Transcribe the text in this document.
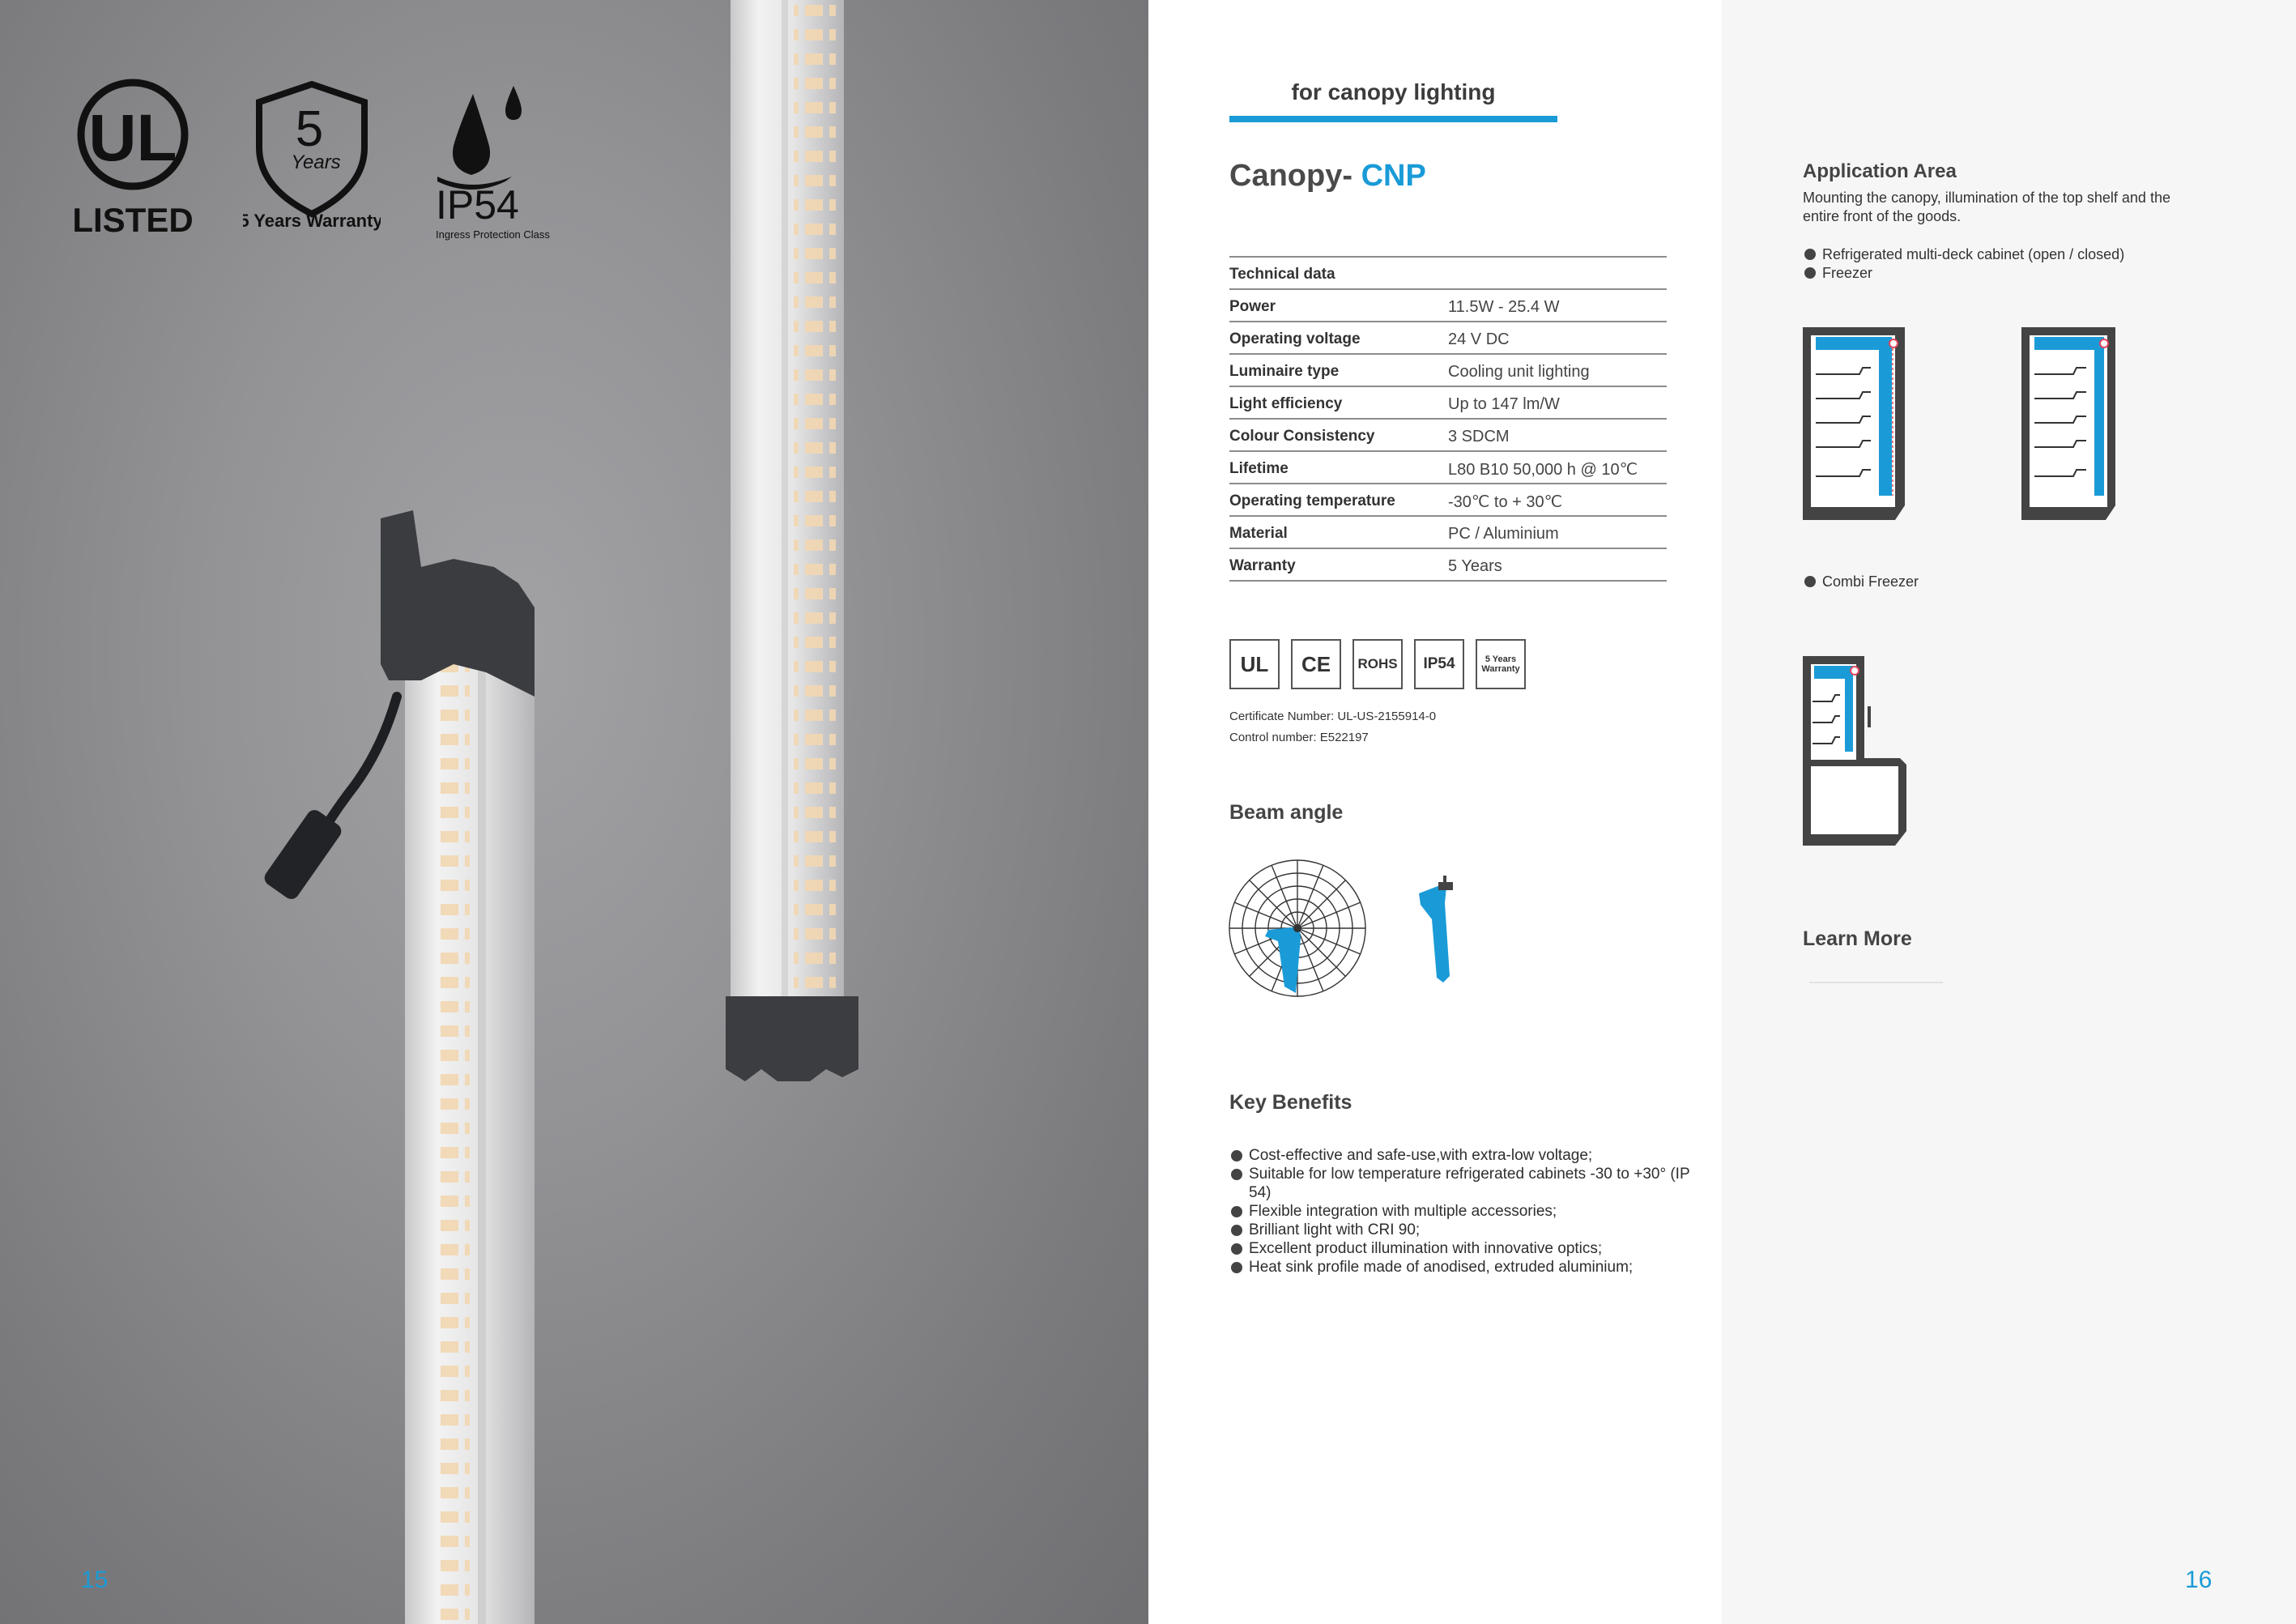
UL
LISTED
5
Years
5 Years Warranty IP54
Ingress Protection Class
15
for canopy lighting
Canopy- CNP
Technical data	
Power	11.5W - 25.4 W
Operating voltage	24 V DC
Luminaire type	Cooling unit lighting
Light efficiency	Up to 147 lm/W
Colour Consistency	3 SDCM
Lifetime	L80 B10 50,000 h @ 10℃
Operating temperature	-30℃ to + 30℃
Material	PC / Aluminium
Warranty	5 Years
UL	CE	ROHS	IP54	5 Years Warranty
Certificate Number: UL-US-2155914-0
Control number: E522197
Beam angle
Key Benefits
Cost-effective and safe-use,with extra-low voltage;
Suitable for low temperature refrigerated cabinets -30 to +30° (IP 54)
Flexible integration with multiple accessories;
Brilliant light with CRI 90;
Excellent product illumination with innovative optics;
Heat sink profile made of anodised, extruded aluminium;
Application Area
Mounting the canopy, illumination of the top shelf and the entire front of the goods.
Refrigerated multi-deck cabinet (open / closed)
Freezer
Combi Freezer
Learn More
16
